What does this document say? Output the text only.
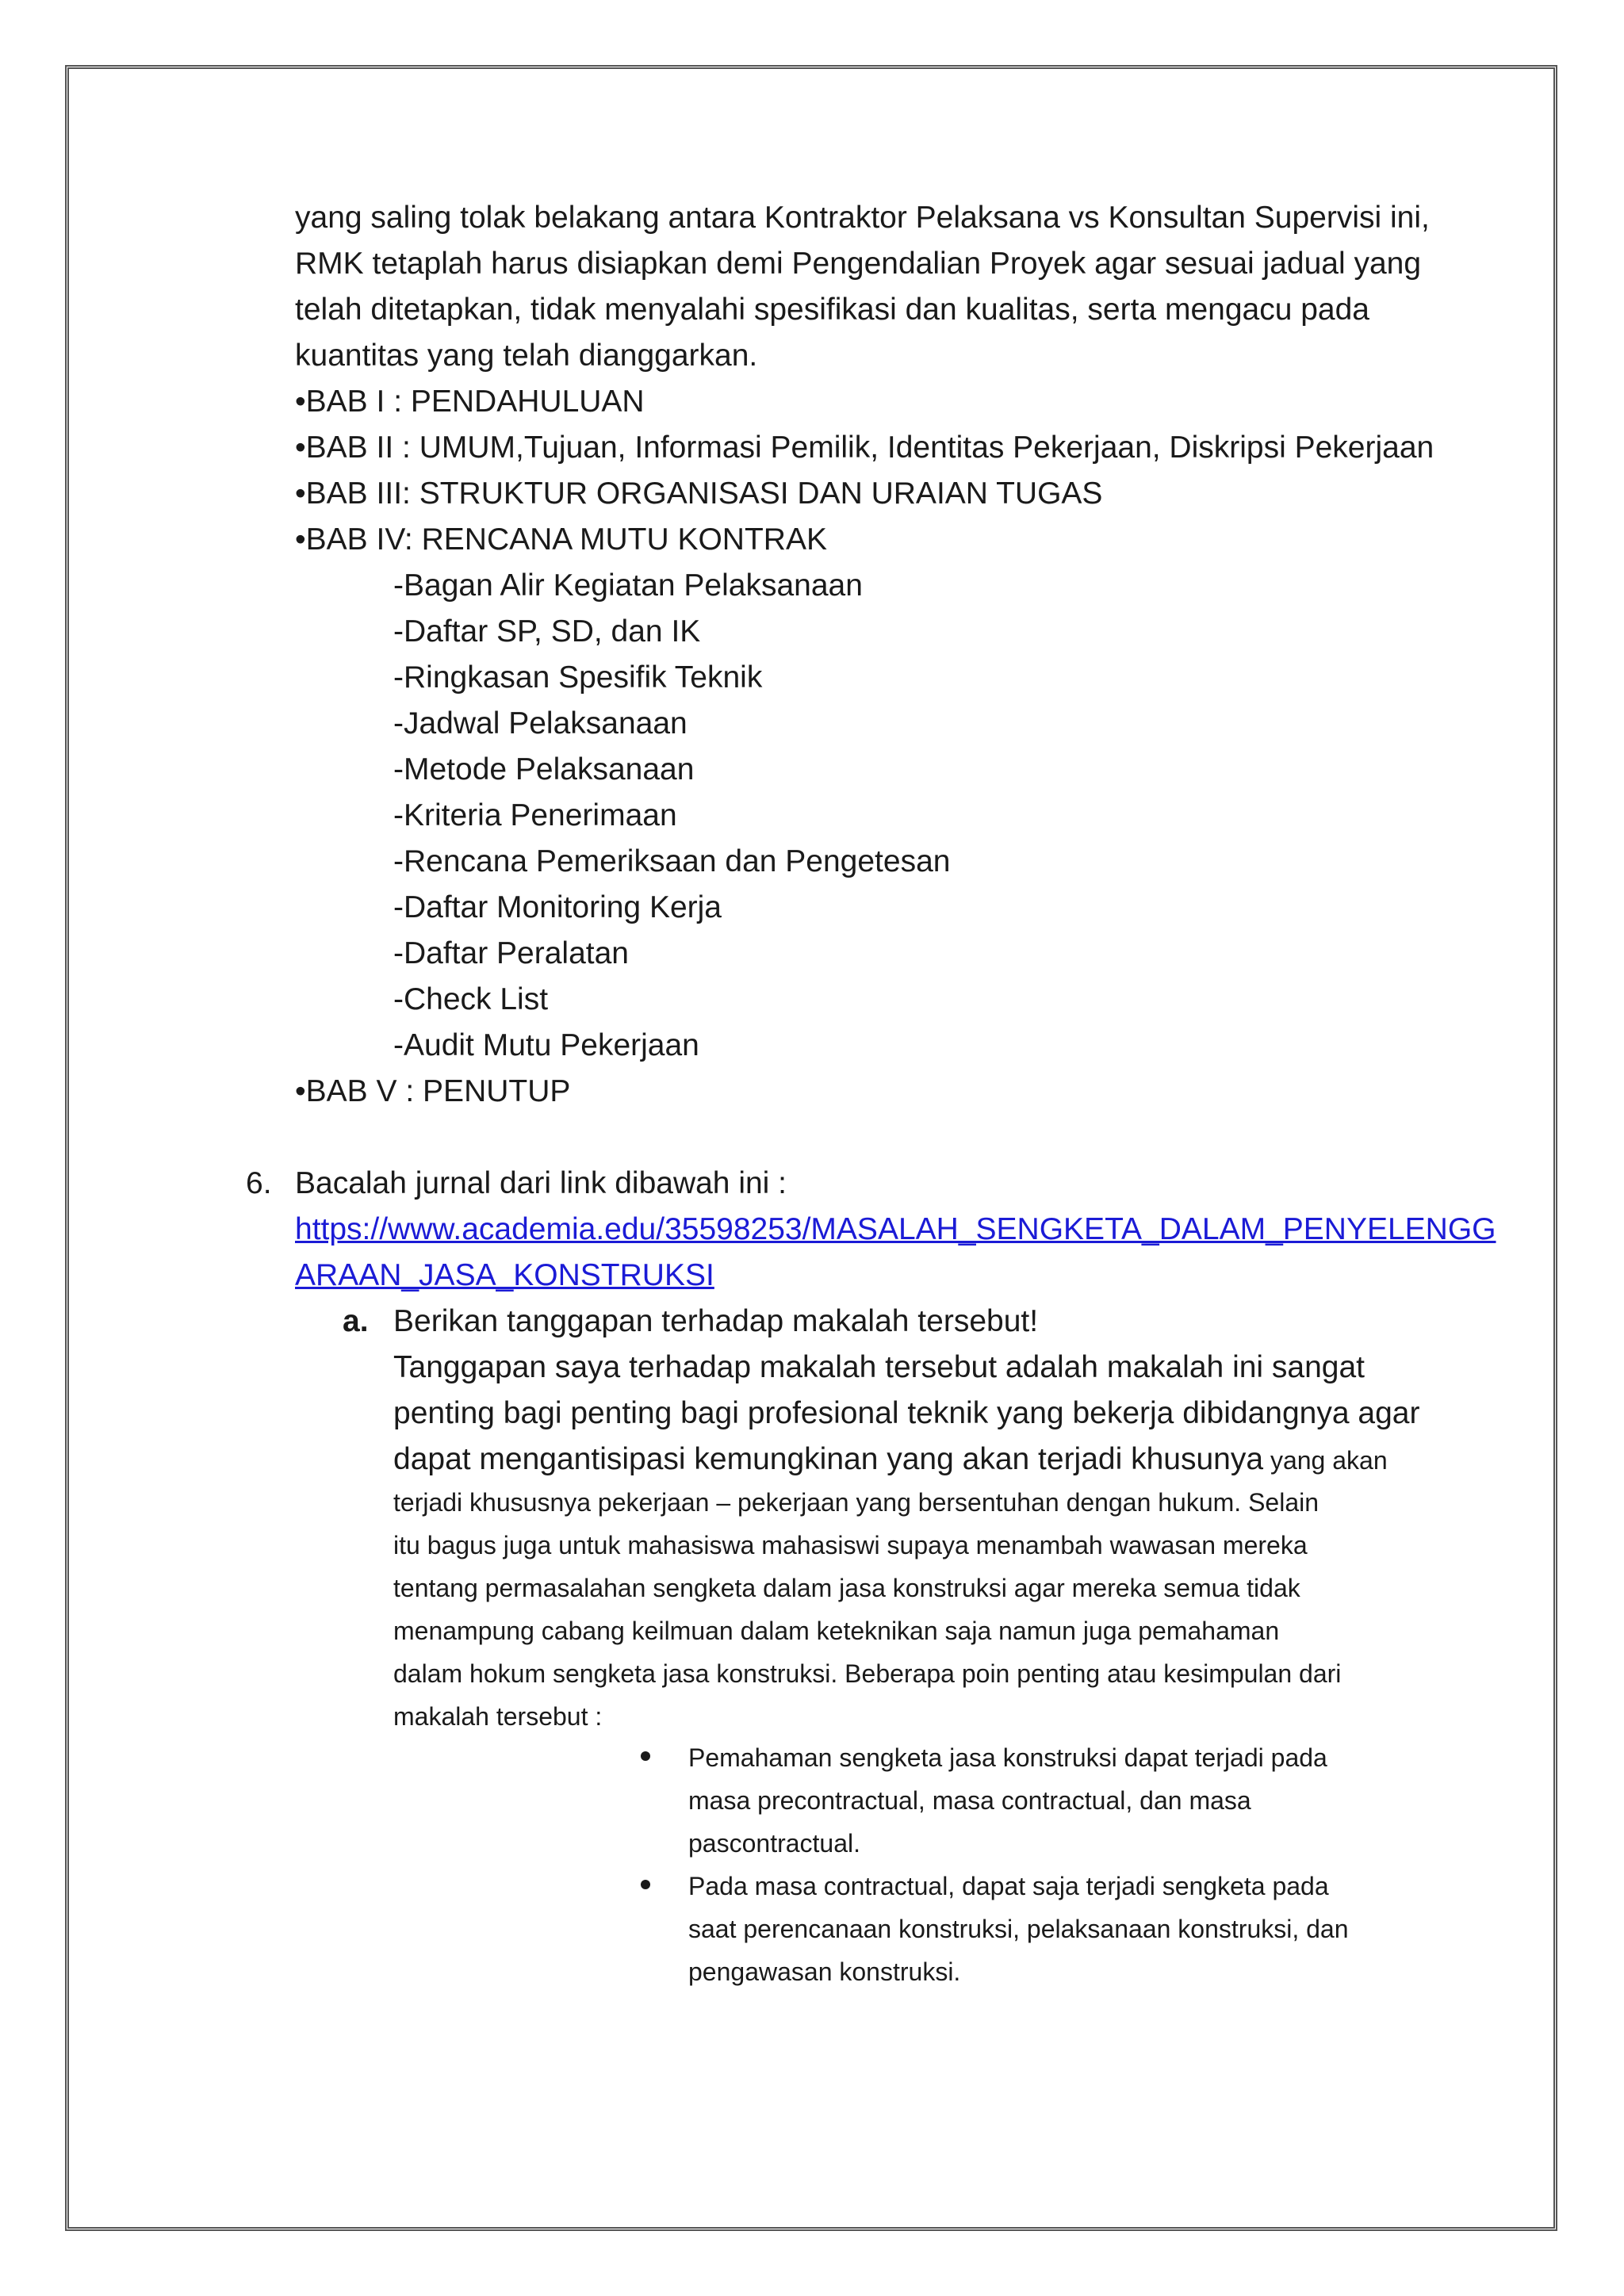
yang saling tolak belakang antara Kontraktor Pelaksana vs Konsultan Supervisi ini,
RMK tetaplah harus disiapkan demi Pengendalian Proyek agar sesuai jadual yang
telah ditetapkan, tidak menyalahi spesifikasi dan kualitas, serta mengacu pada
kuantitas yang telah dianggarkan.
•BAB I : PENDAHULUAN
•BAB II : UMUM,Tujuan, Informasi Pemilik, Identitas Pekerjaan, Diskripsi Pekerjaan
•BAB III: STRUKTUR ORGANISASI DAN URAIAN TUGAS
•BAB IV: RENCANA MUTU KONTRAK
-Bagan Alir Kegiatan Pelaksanaan
-Daftar SP, SD, dan IK
-Ringkasan Spesifik Teknik
-Jadwal Pelaksanaan
-Metode Pelaksanaan
-Kriteria Penerimaan
-Rencana Pemeriksaan dan Pengetesan
-Daftar Monitoring Kerja
-Daftar Peralatan
-Check List
-Audit Mutu Pekerjaan
•BAB V : PENUTUP
6. Bacalah jurnal dari link dibawah ini :
https://www.academia.edu/35598253/MASALAH_SENGKETA_DALAM_PENYELENGG
ARAAN_JASA_KONSTRUKSI
a. Berikan tanggapan terhadap makalah tersebut!
Tanggapan saya terhadap makalah tersebut adalah makalah ini sangat
penting bagi penting bagi profesional teknik yang bekerja dibidangnya agar
dapat mengantisipasi kemungkinan yang akan terjadi khusunya yang akan
terjadi khususnya pekerjaan – pekerjaan yang bersentuhan dengan hukum. Selain
itu bagus juga untuk mahasiswa mahasiswi supaya menambah wawasan mereka
tentang permasalahan sengketa dalam jasa konstruksi agar mereka semua tidak
menampung cabang keilmuan dalam keteknikan saja namun juga pemahaman
dalam hokum sengketa jasa konstruksi. Beberapa poin penting atau kesimpulan dari
makalah tersebut :
Pemahaman sengketa jasa konstruksi dapat terjadi pada
masa precontractual, masa contractual, dan masa
pascontractual.
Pada masa contractual, dapat saja terjadi sengketa pada
saat perencanaan konstruksi, pelaksanaan konstruksi, dan
pengawasan konstruksi.
